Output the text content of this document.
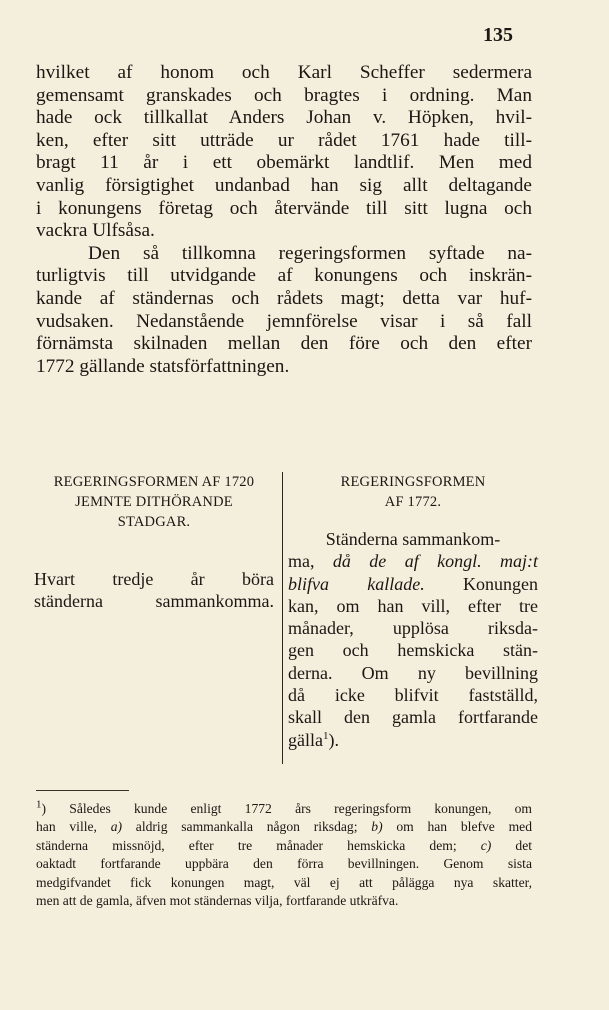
135
hvilket af honom och Karl Scheffer sedermera
gemensamt granskades och bragtes i ordning. Man
hade ock tillkallat Anders Johan v. Höpken, hvil-
ken, efter sitt utträde ur rådet 1761 hade till-
bragt 11 år i ett obemärkt landtlif. Men med
vanlig försigtighet undanbad han sig allt deltagande
i konungens företag och återvände till sitt lugna och
vackra Ulfsåsa.
Den så tillkomna regeringsformen syftade na-
turligtvis till utvidgande af konungens och inskrän-
kande af ständernas och rådets magt; detta var huf-
vudsaken. Nedanstående jemnförelse visar i så fall
förnämsta skilnaden mellan den före och den efter
1772 gällande statsförfattningen.
REGERINGSFORMEN AF 1720
JEMNTE DITHÖRANDE
STADGAR.
Hvart tredje år böra
ständerna sammankomma.
REGERINGSFORMEN
AF 1772.
Ständerna sammankom-
ma, då de af kongl. maj:t
blifva kallade. Konungen
kan, om han vill, efter tre
månader, upplösa riksda-
gen och hemskicka stän-
derna. Om ny bevillning
då icke blifvit fastställd,
skall den gamla fortfarande
gälla$^1$).
$^1$) Således kunde enligt 1772 års regeringsform konungen, om
han ville, a) aldrig sammankalla någon riksdag; b) om han blefve med
ständerna missnöjd, efter tre månader hemskicka dem; c) det
oaktadt fortfarande uppbära den förra bevillningen. Genom sista
medgifvandet fick konungen magt, väl ej att pålägga nya skatter,
men att de gamla, äfven mot ständernas vilja, fortfarande utkräfva.
